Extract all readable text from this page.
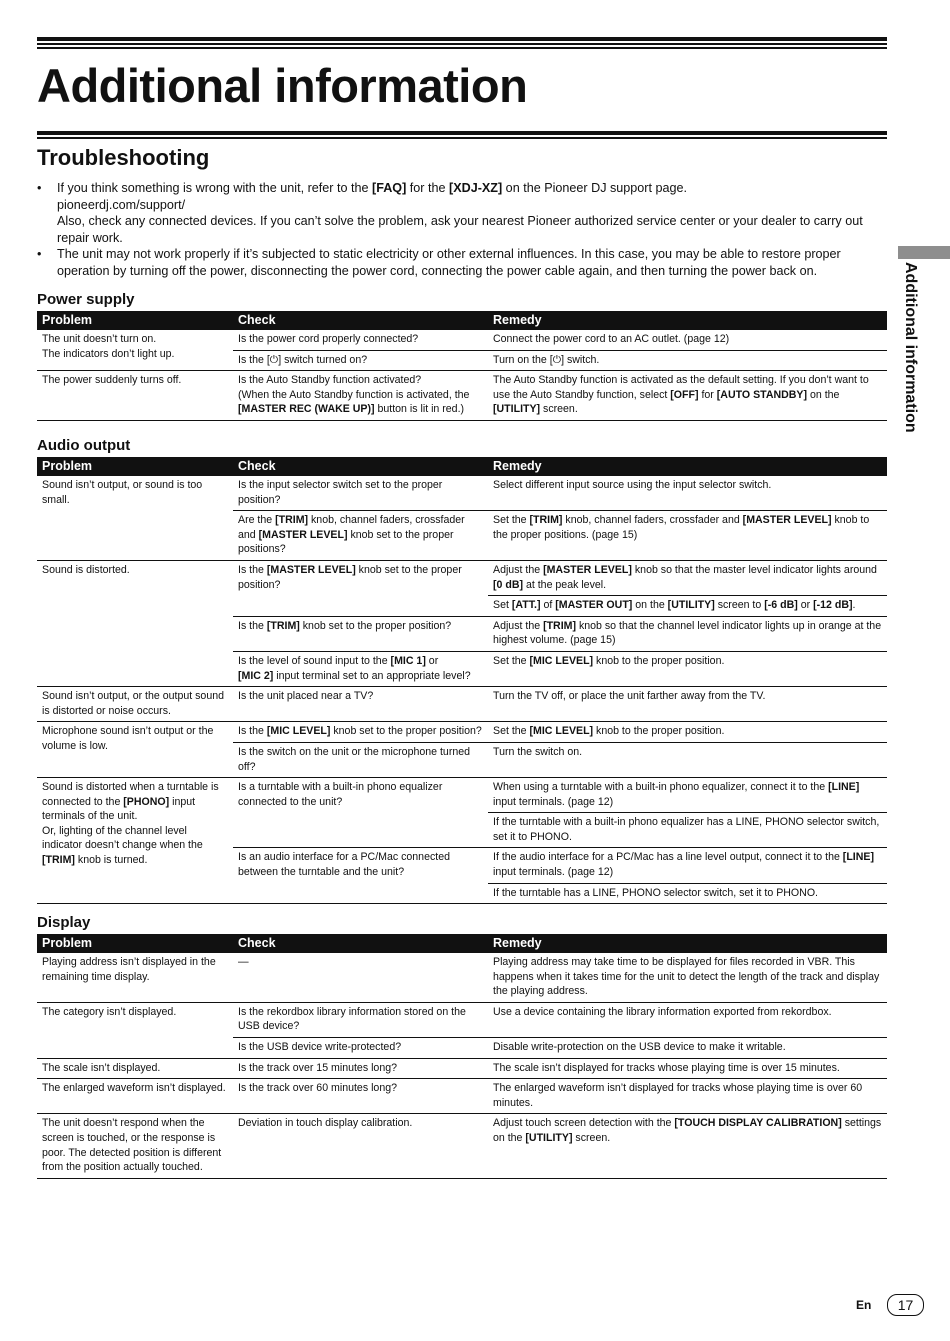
Additional information
Troubleshooting
• If you think something is wrong with the unit, refer to the [FAQ] for the [XDJ-XZ] on the Pioneer DJ support page.
pioneerdj.com/support/
Also, check any connected devices. If you can’t solve the problem, ask your nearest Pioneer authorized service center or your dealer to carry out repair work.
• The unit may not work properly if it’s subjected to static electricity or other external influences. In this case, you may be able to restore proper operation by turning off the power, disconnecting the power cord, connecting the power cable again, and then turning the power back on.	Additional information
Power supply
Problem	Check	Remedy
The unit doesn’t turn on.
The indicators don’t light up.	Is the power cord properly connected?	Connect the power cord to an AC outlet. (page 12)
	Is the [⏻] switch turned on?	Turn on the [⏻] switch.
The power suddenly turns off.	Is the Auto Standby function activated?
(When the Auto Standby function is activated, the [MASTER REC (WAKE UP)] button is lit in red.)	The Auto Standby function is activated as the default setting. If you don’t want to use the Auto Standby function, select [OFF] for [AUTO STANDBY] on the [UTILITY] screen.
Audio output
Problem	Check	Remedy
Sound isn’t output, or sound is too small.	Is the input selector switch set to the proper position?	Select different input source using the input selector switch.
	Are the [TRIM] knob, channel faders, crossfader and [MASTER LEVEL] knob set to the proper positions?	Set the [TRIM] knob, channel faders, crossfader and [MASTER LEVEL] knob to the proper positions. (page 15)
Sound is distorted.	Is the [MASTER LEVEL] knob set to the proper position?	Adjust the [MASTER LEVEL] knob so that the master level indicator lights around [0 dB] at the peak level.
		Set [ATT.] of [MASTER OUT] on the [UTILITY] screen to [-6 dB] or [-12 dB].
	Is the [TRIM] knob set to the proper position?	Adjust the [TRIM] knob so that the channel level indicator lights up in orange at the highest volume. (page 15)
	Is the level of sound input to the [MIC 1] or
[MIC 2] input terminal set to an appropriate level?	Set the [MIC LEVEL] knob to the proper position.
Sound isn’t output, or the output sound is distorted or noise occurs.	Is the unit placed near a TV?	Turn the TV off, or place the unit farther away from the TV.
Microphone sound isn’t output or the volume is low.	Is the [MIC LEVEL] knob set to the proper position?	Set the [MIC LEVEL] knob to the proper position.
	Is the switch on the unit or the microphone turned off?	Turn the switch on.
Sound is distorted when a turntable is connected to the [PHONO] input terminals of the unit.
Or, lighting of the channel level indicator doesn’t change when the [TRIM] knob is turned.	Is a turntable with a built-in phono equalizer connected to the unit?	When using a turntable with a built-in phono equalizer, connect it to the [LINE] input terminals. (page 12)
		If the turntable with a built-in phono equalizer has a LINE, PHONO selector switch, set it to PHONO.
	Is an audio interface for a PC/Mac connected between the turntable and the unit?	If the audio interface for a PC/Mac has a line level output, connect it to the [LINE] input terminals. (page 12)
		If the turntable has a LINE, PHONO selector switch, set it to PHONO.
Display
Problem	Check	Remedy
Playing address isn’t displayed in the remaining time display.	—	Playing address may take time to be displayed for files recorded in VBR. This happens when it takes time for the unit to detect the length of the track and display the playing address.
The category isn’t displayed.	Is the rekordbox library information stored on the USB device?	Use a device containing the library information exported from rekordbox.
	Is the USB device write-protected?	Disable write-protection on the USB device to make it writable.
The scale isn’t displayed.	Is the track over 15 minutes long?	The scale isn’t displayed for tracks whose playing time is over 15 minutes.
The enlarged waveform isn’t displayed.	Is the track over 60 minutes long?	The enlarged waveform isn’t displayed for tracks whose playing time is over 60 minutes.
The unit doesn’t respond when the screen is touched, or the response is poor. The detected position is different from the position actually touched.	Deviation in touch display calibration.	Adjust touch screen detection with the [TOUCH DISPLAY CALIBRATION] settings on the [UTILITY] screen.
En	17
